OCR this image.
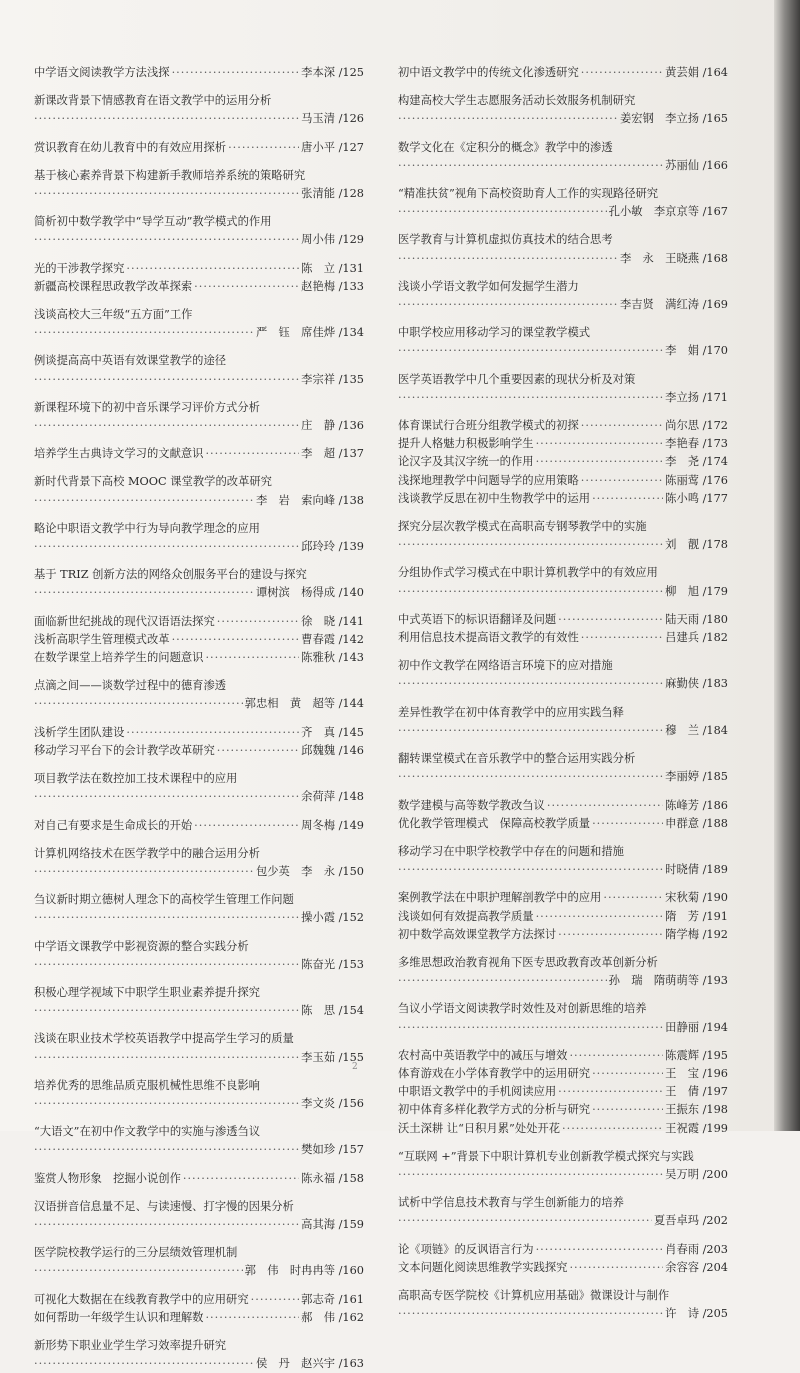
中学语文阅读教学方法浅探 ·····	李本深 /125
新课改背景下情感教育在语文教学中的运用分析
·····
马玉清 /126
赏识教育在幼儿教育中的有效应用探析 ·····	唐小平 /127
基于核心素养背景下构建新手教师培养系统的策略研究
·····
张清能 /128
简析初中数学教学中“导学互动”教学模式的作用
·····
周小伟 /129
光的干涉教学探究 ·····	陈　立 /131
新疆高校课程思政教学改革探索 ·····	赵艳梅 /133
浅谈高校大三年级“五方面”工作
·····
严　钰　席佳烨 /134
例谈提高高中英语有效课堂教学的途径
·····
李宗祥 /135
新课程环境下的初中音乐课学习评价方式分析
·····
庄　静 /136
培养学生古典诗文学习的文献意识 ·····	李　超 /137
新时代背景下高校 MOOC 课堂教学的改革研究
·····
李　岩　索向峰 /138
略论中职语文教学中行为导向教学理念的应用
·····
邱玲玲 /139
基于 TRIZ 创新方法的网络众创服务平台的建设与探究
·····
谭树滨　杨得成 /140
面临新世纪挑战的现代汉语语法探究 ·····	徐　晓 /141
浅析高职学生管理模式改革 ·····	曹春霞 /142
在数学课堂上培养学生的问题意识 ·····	陈雅秋 /143
点滴之间——谈数学过程中的德育渗透
·····
郭忠相　黄　超等 /144
浅析学生团队建设 ·····	齐　真 /145
移动学习平台下的会计教学改革研究 ·····	邱魏魏 /146
项目教学法在数控加工技术课程中的应用
·····
余荷萍 /148
对自己有要求是生命成长的开始 ·····	周冬梅 /149
计算机网络技术在医学教学中的融合运用分析
·····
包少英　李　永 /150
刍议新时期立德树人理念下的高校学生管理工作问题
·····
操小霞 /152
中学语文课教学中影视资源的整合实践分析
·····
陈奋光 /153
积极心理学视域下中职学生职业素养提升探究
·····
陈　思 /154
浅谈在职业技术学校英语教学中提高学生学习的质量
·····
李玉茹 /155
培养优秀的思维品质克服机械性思维不良影响
·····
李文炎 /156
“大语文”在初中作文教学中的实施与渗透刍议
·····
樊如珍 /157
鉴赏人物形象　挖掘小说创作 ·····	陈永福 /158
汉语拼音信息量不足、与读速慢、打字慢的因果分析
·····
高其海 /159
医学院校教学运行的三分层绩效管理机制
·····
郭　伟　时冉冉等 /160
可视化大数据在在线教育教学中的应用研究 ·····	郭志奇 /161
如何帮助一年级学生认识和理解数 ·····	郝　伟 /162
新形势下职业业学生学习效率提升研究
·····
侯　丹　赵兴宇 /163
初中语文教学中的传统文化渗透研究 ·····	黄芸娟 /164
构建高校大学生志愿服务活动长效服务机制研究
·····
姜宏钢　李立扬 /165
数学文化在《定积分的概念》教学中的渗透
·····
苏丽仙 /166
“精准扶贫”视角下高校资助育人工作的实现路径研究
·····
孔小敏　李京京等 /167
医学教育与计算机虚拟仿真技术的结合思考
·····
李　永　王晓燕 /168
浅谈小学语文教学如何发掘学生潜力
·····
李吉贤　满红涛 /169
中职学校应用移动学习的课堂教学模式
·····
李　娟 /170
医学英语教学中几个重要因素的现状分析及对策
·····
李立扬 /171
体育课试行合班分组教学模式的初探 ·····	尚尔思 /172
提升人格魅力积极影响学生 ·····	李艳春 /173
论汉字及其汉字统一的作用 ·····	李　尧 /174
浅探地理教学中问题导学的应用策略 ·····	陈丽莺 /176
浅谈教学反思在初中生物教学中的运用 ·····	陈小鸣 /177
探究分层次教学模式在高职高专钢琴教学中的实施
·····
刘　靓 /178
分组协作式学习模式在中职计算机教学中的有效应用
·····
柳　旭 /179
中式英语下的标识语翻译及问题 ·····	陆天雨 /180
利用信息技术提高语文教学的有效性 ·····	吕建兵 /182
初中作文教学在网络语言环境下的应对措施
·····
麻勤侠 /183
差异性教学在初中体育教学中的应用实践刍释
·····
穆　兰 /184
翻转课堂模式在音乐教学中的整合运用实践分析
·····
李丽婷 /185
数学建模与高等数学教改刍议 ·····	陈峰芳 /186
优化教学管理模式　保障高校教学质量 ·····	申群意 /188
移动学习在中职学校教学中存在的问题和措施
·····
时晓倩 /189
案例教学法在中职护理解剖教学中的应用 ·····	宋秋菊 /190
浅谈如何有效提高教学质量 ·····	隋　芳 /191
初中数学高效课堂教学方法探讨 ·····	隋学梅 /192
多维思想政治教育视角下医专思政教育改革创新分析
·····
孙　瑞　隋萌萌等 /193
刍议小学语文阅读教学时效性及对创新思维的培养
·····
田静丽 /194
农村高中英语教学中的减压与增效 ·····	陈震辉 /195
体育游戏在小学体育教学中的运用研究 ·····	王　宝 /196
中职语文教学中的手机阅读应用 ·····	王　倩 /197
初中体育多样化教学方式的分析与研究 ·····	王振东 /198
沃土深耕 让“日积月累”处处开花 ·····	王祝霞 /199
“互联网 +”背景下中职计算机专业创新教学模式探究与实践
·····
吴万明 /200
试析中学信息技术教育与学生创新能力的培养
·····
夏吾卓玛 /202
论《项链》的反讽语言行为 ·····	肖春雨 /203
文本问题化阅读思维教学实践探究 ·····	余容容 /204
高职高专医学院校《计算机应用基础》微课设计与制作
·····
许　诗 /205
2
